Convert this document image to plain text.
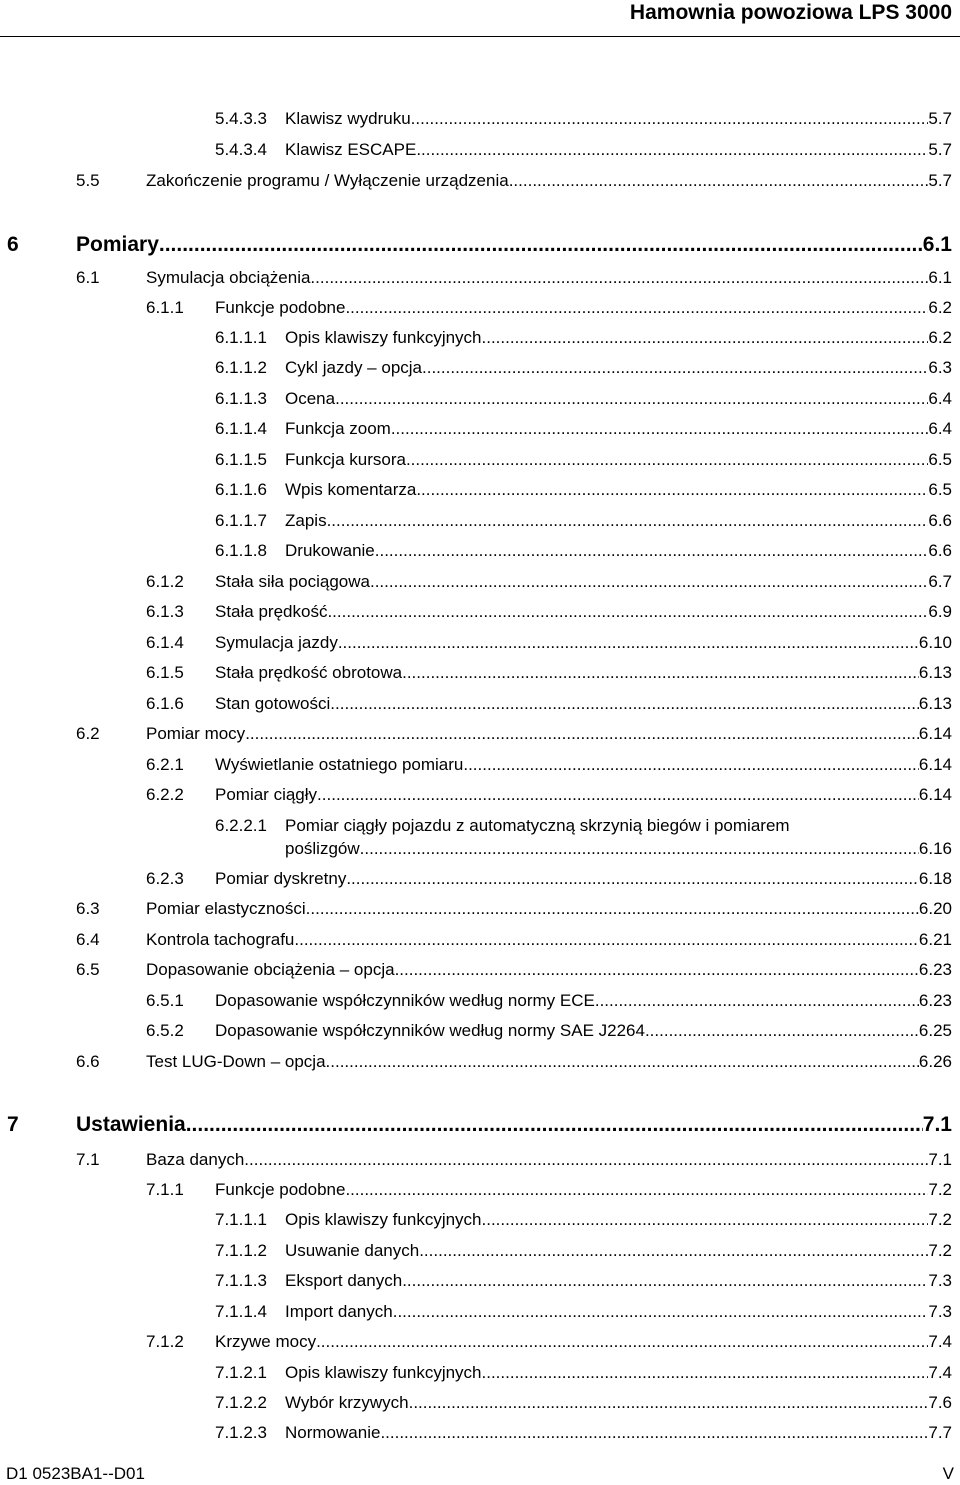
Hamownia powoziowa LPS 3000
5.4.3.3 Klawisz wydruku .....	5.7
5.4.3.4 Klawisz ESCAPE .....	5.7
5.5	Zakończenie programu / Wyłączenie urządzenia .....	5.7
6	Pomiary .....	6.1
6.1	Symulacja obciążenia .....	6.1
6.1.1 Funkcje podobne .....	6.2
6.1.1.1 Opis klawiszy funkcyjnych .....	6.2
6.1.1.2 Cykl jazdy – opcja .....	6.3
6.1.1.3 Ocena .....	6.4
6.1.1.4 Funkcja zoom .....	6.4
6.1.1.5 Funkcja kursora .....	6.5
6.1.1.6 Wpis komentarza .....	6.5
6.1.1.7 Zapis .....	6.6
6.1.1.8 Drukowanie .....	6.6
6.1.2 Stała siła pociągowa .....	6.7
6.1.3 Stała prędkość .....	6.9
6.1.4 Symulacja jazdy .....	6.10
6.1.5 Stała prędkość obrotowa .....	6.13
6.1.6 Stan gotowości .....	6.13
6.2	Pomiar mocy .....	6.14
6.2.1 Wyświetlanie ostatniego pomiaru .....	6.14
6.2.2 Pomiar ciągły .....	6.14
6.2.2.1 Pomiar ciągły pojazdu z automatyczną skrzynią biegów i pomiarem
poślizgów .....	6.16
6.2.3 Pomiar dyskretny .....	6.18
6.3	Pomiar elastyczności .....	6.20
6.4	Kontrola tachografu .....	6.21
6.5	Dopasowanie obciążenia – opcja .....	6.23
6.5.1 Dopasowanie współczynników według normy ECE .....	6.23
6.5.2 Dopasowanie współczynników według normy SAE J2264 .....	6.25
6.6	Test LUG-Down – opcja .....	6.26
7	Ustawienia .....	7.1
7.1	Baza danych .....	7.1
7.1.1 Funkcje podobne .....	7.2
7.1.1.1 Opis klawiszy funkcyjnych .....	7.2
7.1.1.2 Usuwanie danych .....	7.2
7.1.1.3 Eksport danych .....	7.3
7.1.1.4 Import danych .....	7.3
7.1.2 Krzywe mocy .....	7.4
7.1.2.1 Opis klawiszy funkcyjnych .....	7.4
7.1.2.2 Wybór krzywych .....	7.6
7.1.2.3 Normowanie .....	7.7
D1 0523BA1--D01	V
